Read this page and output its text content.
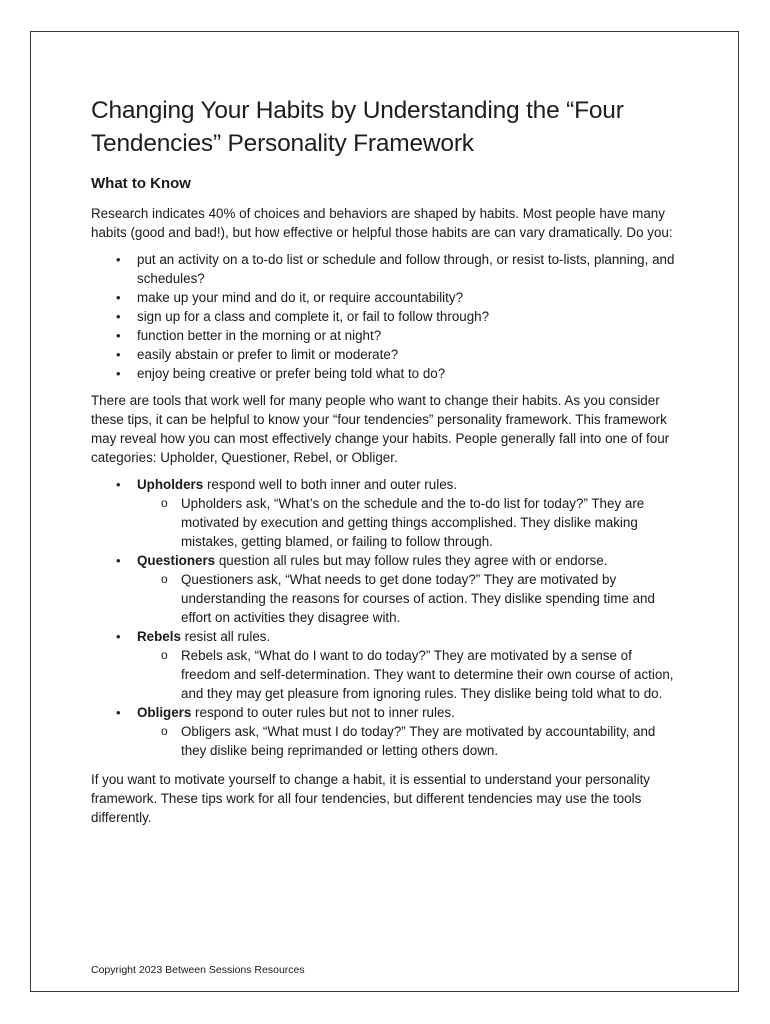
Changing Your Habits by Understanding the “Four Tendencies” Personality Framework
What to Know

Research indicates 40% of choices and behaviors are shaped by habits. Most people have many habits (good and bad!), but how effective or helpful those habits are can vary dramatically. Do you:

• put an activity on a to-do list or schedule and follow through, or resist to-lists, planning, and schedules?
• make up your mind and do it, or require accountability?
• sign up for a class and complete it, or fail to follow through?
• function better in the morning or at night?
• easily abstain or prefer to limit or moderate?
• enjoy being creative or prefer being told what to do?

There are tools that work well for many people who want to change their habits. As you consider these tips, it can be helpful to know your “four tendencies” personality framework. This framework may reveal how you can most effectively change your habits. People generally fall into one of four categories: Upholder, Questioner, Rebel, or Obliger.

• Upholders respond well to both inner and outer rules.
o Upholders ask, “What’s on the schedule and the to-do list for today?” They are motivated by execution and getting things accomplished. They dislike making mistakes, getting blamed, or failing to follow through.
• Questioners question all rules but may follow rules they agree with or endorse.
o Questioners ask, “What needs to get done today?” They are motivated by understanding the reasons for courses of action. They dislike spending time and effort on activities they disagree with.
• Rebels resist all rules.
o Rebels ask, “What do I want to do today?” They are motivated by a sense of freedom and self-determination. They want to determine their own course of action, and they may get pleasure from ignoring rules. They dislike being told what to do.
• Obligers respond to outer rules but not to inner rules.
o Obligers ask, “What must I do today?” They are motivated by accountability, and they dislike being reprimanded or letting others down.

If you want to motivate yourself to change a habit, it is essential to understand your personality framework. These tips work for all four tendencies, but different tendencies may use the tools differently.

Copyright 2023 Between Sessions Resources
